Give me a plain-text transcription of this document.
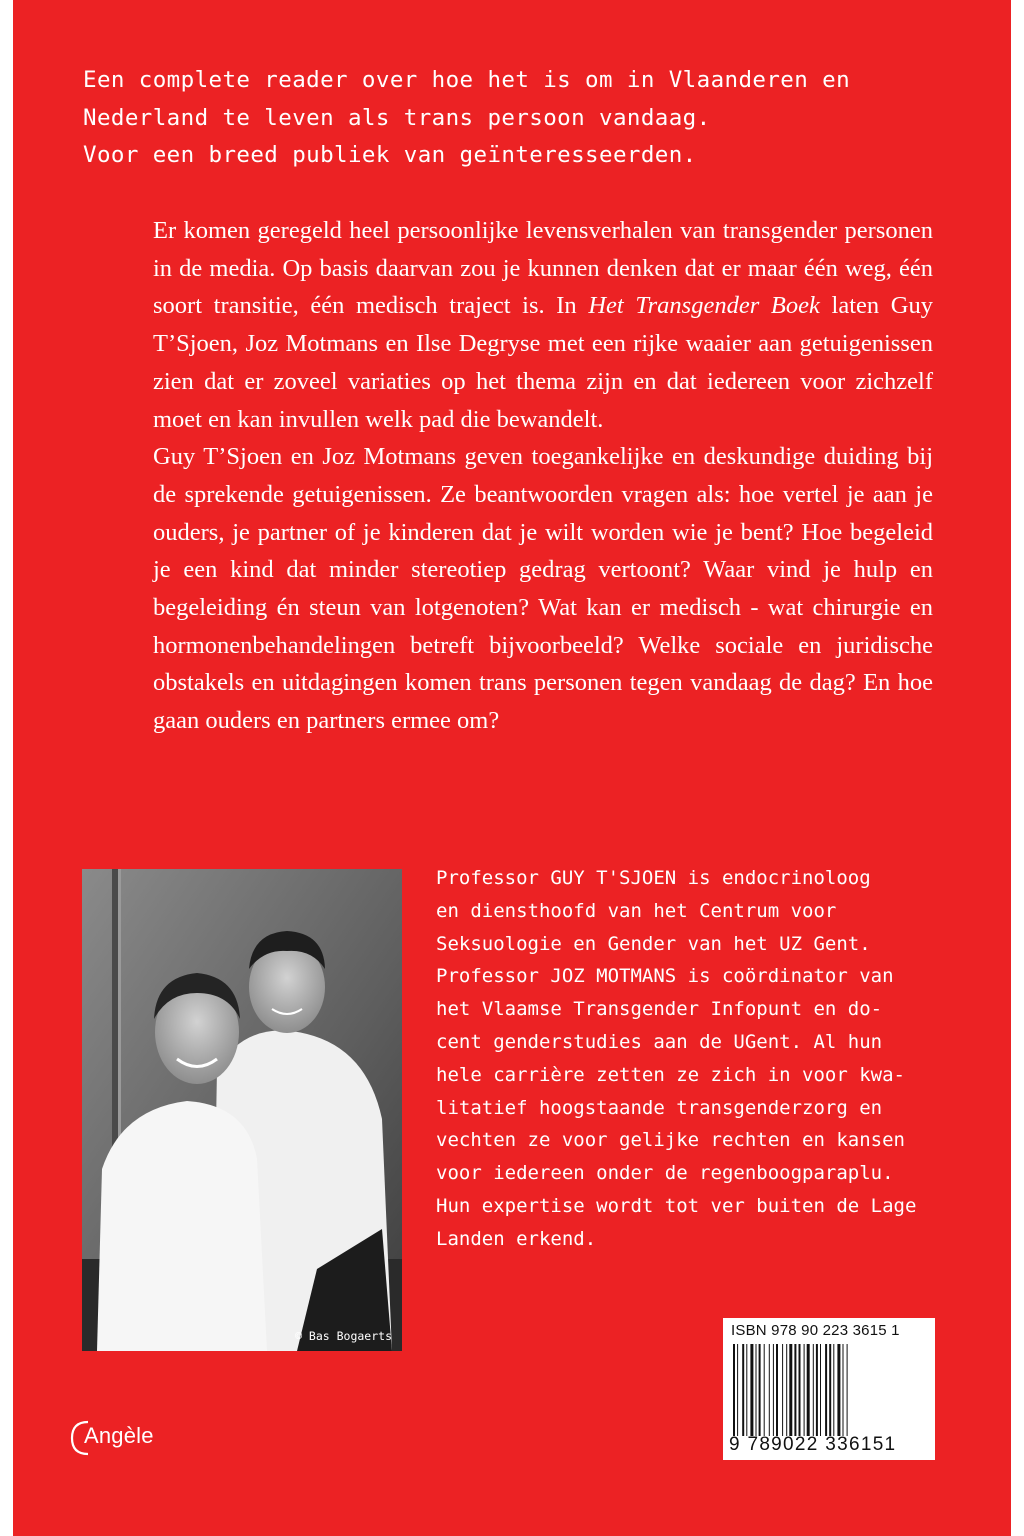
Een complete reader over hoe het is om in Vlaanderen en
Nederland te leven als trans persoon vandaag.
Voor een breed publiek van geïnteresseerden.

Er komen geregeld heel persoonlijke levensverhalen van transgender personen in de media. Op basis daarvan zou je kunnen denken dat er maar één weg, één soort transitie, één medisch traject is. In Het Transgender Boek laten Guy T’Sjoen, Joz Motmans en Ilse Degryse met een rijke waaier aan getuigenissen zien dat er zoveel variaties op het thema zijn en dat iedereen voor zichzelf moet en kan invullen welk pad die bewandelt.

Guy T’Sjoen en Joz Motmans geven toegankelijke en deskundige duiding bij de sprekende getuigenissen. Ze beantwoorden vragen als: hoe vertel je aan je ouders, je partner of je kinderen dat je wilt worden wie je bent? Hoe begeleid je een kind dat minder stereotiep gedrag vertoont? Waar vind je hulp en begeleiding én steun van lotgenoten? Wat kan er medisch - wat chirurgie en hormonenbehandelingen betreft bijvoorbeeld? Welke sociale en juridische obstakels en uitdagingen komen trans personen tegen vandaag de dag? En hoe gaan ouders en partners ermee om?

© Bas Bogaerts
Professor GUY T'SJOEN is endocrinoloog
en diensthoofd van het Centrum voor
Seksuologie en Gender van het UZ Gent.
Professor JOZ MOTMANS is coördinator van
het Vlaamse Transgender Infopunt en do-
cent genderstudies aan de UGent. Al hun
hele carrière zetten ze zich in voor kwa-
litatief hoogstaande transgenderzorg en
vechten ze voor gelijke rechten en kansen
voor iedereen onder de regenboogparaplu.
Hun expertise wordt tot ver buiten de Lage
Landen erkend.
Angèle
ISBN 978 90 223 3615 1
9 789022 336151
